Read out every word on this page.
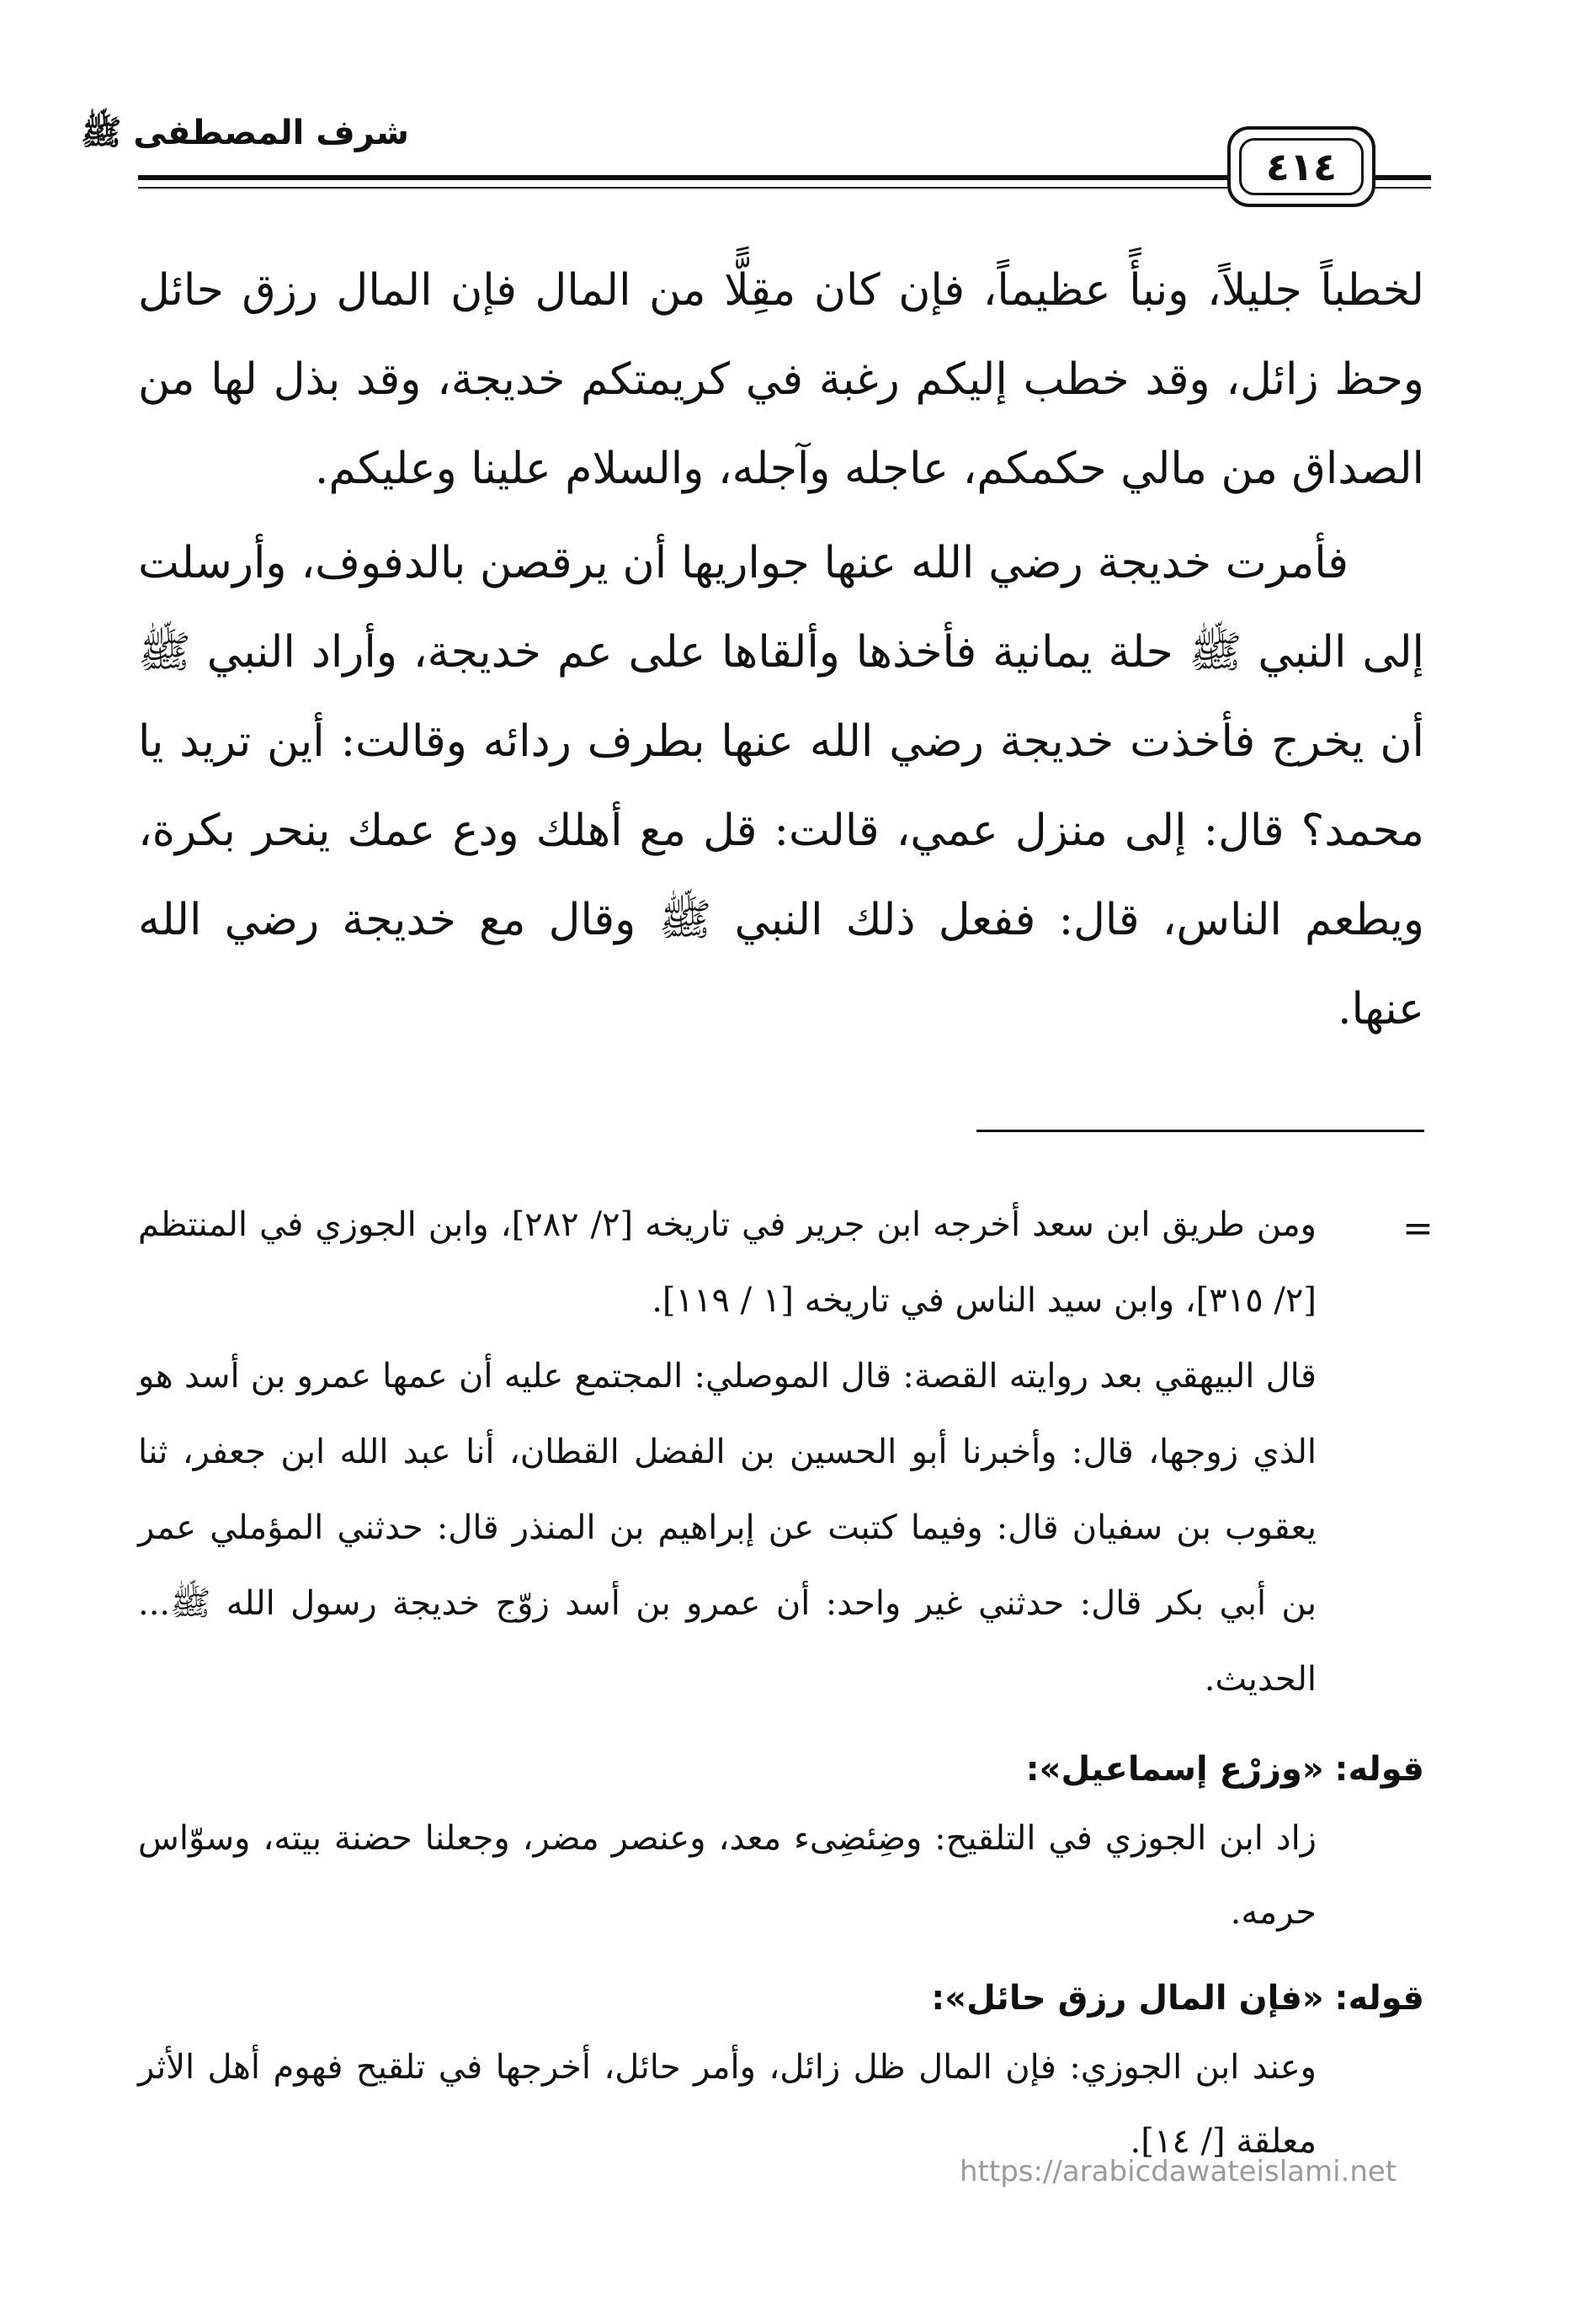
شرف المصطفى ﷺ
٤١٤

لخطباً جليلاً، ونبأً عظيماً، فإن كان مقِلًّا من المال فإن المال رزق حائل وحظ زائل، وقد خطب إليكم رغبة في كريمتكم خديجة، وقد بذل لها من الصداق من مالي حكمكم، عاجله وآجله، والسلام علينا وعليكم.

فأمرت خديجة رضي الله عنها جواريها أن يرقصن بالدفوف، وأرسلت إلى النبي ﷺ حلة يمانية فأخذها وألقاها على عم خديجة، وأراد النبي ﷺ أن يخرج فأخذت خديجة رضي الله عنها بطرف ردائه وقالت: أين تريد يا محمد؟ قال: إلى منزل عمي، قالت: قل مع أهلك ودع عمك ينحر بكرة، ويطعم الناس، قال: ففعل ذلك النبي ﷺ وقال مع خديجة رضي الله عنها.

=

ومن طريق ابن سعد أخرجه ابن جرير في تاريخه [٢/ ٢٨٢]، وابن الجوزي في المنتظم [٢/ ٣١٥]، وابن سيد الناس في تاريخه [١ / ١١٩].

قال البيهقي بعد روايته القصة: قال الموصلي: المجتمع عليه أن عمها عمرو بن أسد هو الذي زوجها، قال: وأخبرنا أبو الحسين بن الفضل القطان، أنا عبد الله ابن جعفر، ثنا يعقوب بن سفيان قال: وفيما كتبت عن إبراهيم بن المنذر قال: حدثني المؤملي عمر بن أبي بكر قال: حدثني غير واحد: أن عمرو بن أسد زوّج خديجة رسول الله ﷺ... الحديث.

قوله: «وزرْع إسماعيل»:

زاد ابن الجوزي في التلقيح: وضِئضِىء معد، وعنصر مضر، وجعلنا حضنة بيته، وسوّاس حرمه.

قوله: «فإن المال رزق حائل»:

وعند ابن الجوزي: فإن المال ظل زائل، وأمر حائل، أخرجها في تلقيح فهوم أهل الأثر معلقة [/ ١٤].

https://arabicdawateislami.net
